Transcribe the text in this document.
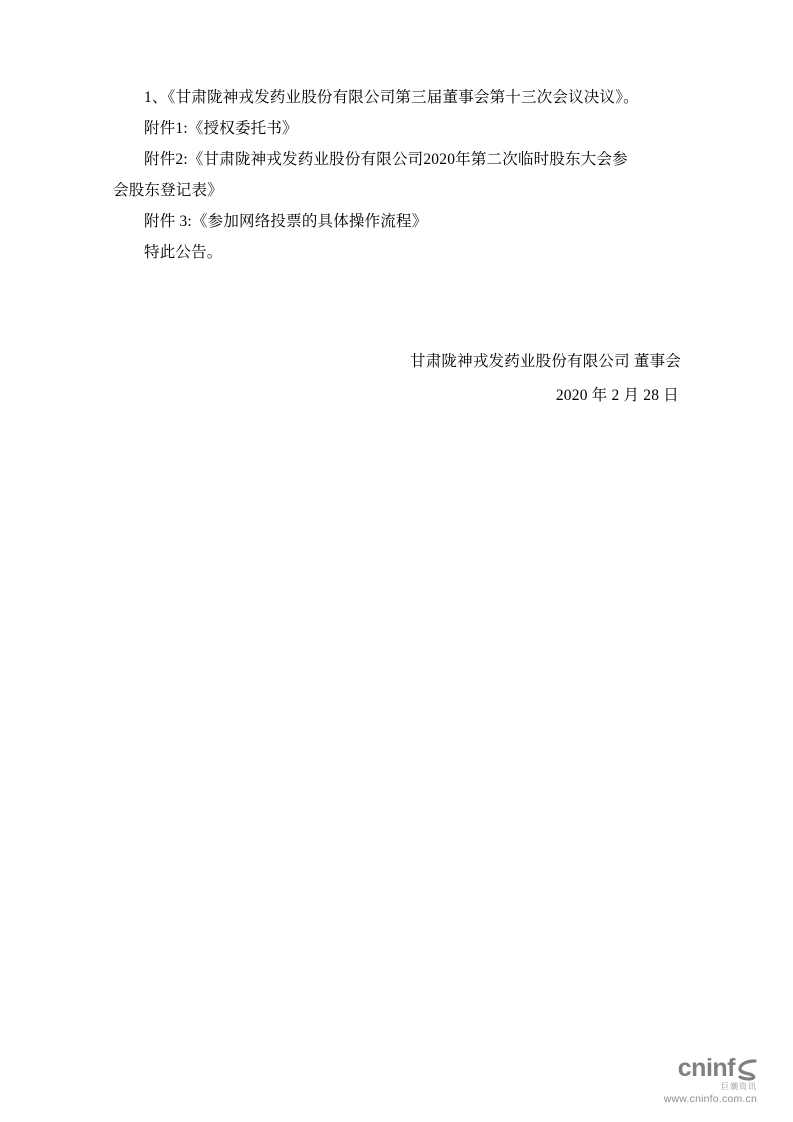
1、《甘肃陇神戎发药业股份有限公司第三届董事会第十三次会议决议》。

附件1:《授权委托书》

附件2:《甘肃陇神戎发药业股份有限公司2020年第二次临时股东大会参

会股东登记表》

附件 3:《参加网络投票的具体操作流程》

特此公告。

甘肃陇神戎发药业股份有限公司 董事会

2020 年 2 月 28 日

cninf
巨潮资讯
www.cninfo.com.cn
